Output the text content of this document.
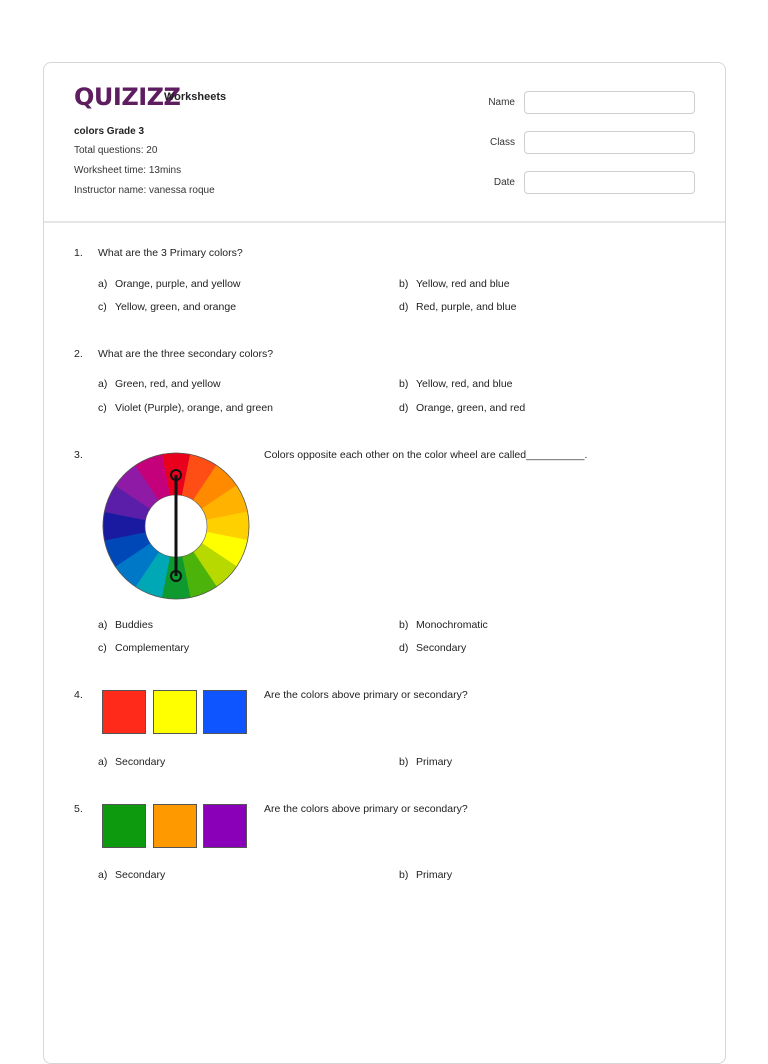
QUIZIZZ
Worksheets
colors Grade 3
Total questions: 20
Worksheet time: 13mins
Instructor name: vanessa roque
Name
Class
Date
1. What are the 3 Primary colors?
a) Orange, purple, and yellow	b) Yellow, red and blue
c) Yellow, green, and orange	d) Red, purple, and blue
2. What are the three secondary colors?
a) Green, red, and yellow	b) Yellow, red, and blue
c) Violet (Purple), orange, and green	d) Orange, green, and red
3.	Colors opposite each other on the color wheel are called__________.
a) Buddies	b) Monochromatic
c) Complementary	d) Secondary
4.	Are the colors above primary or secondary?
a) Secondary	b) Primary
5.	Are the colors above primary or secondary?
a) Secondary	b) Primary
